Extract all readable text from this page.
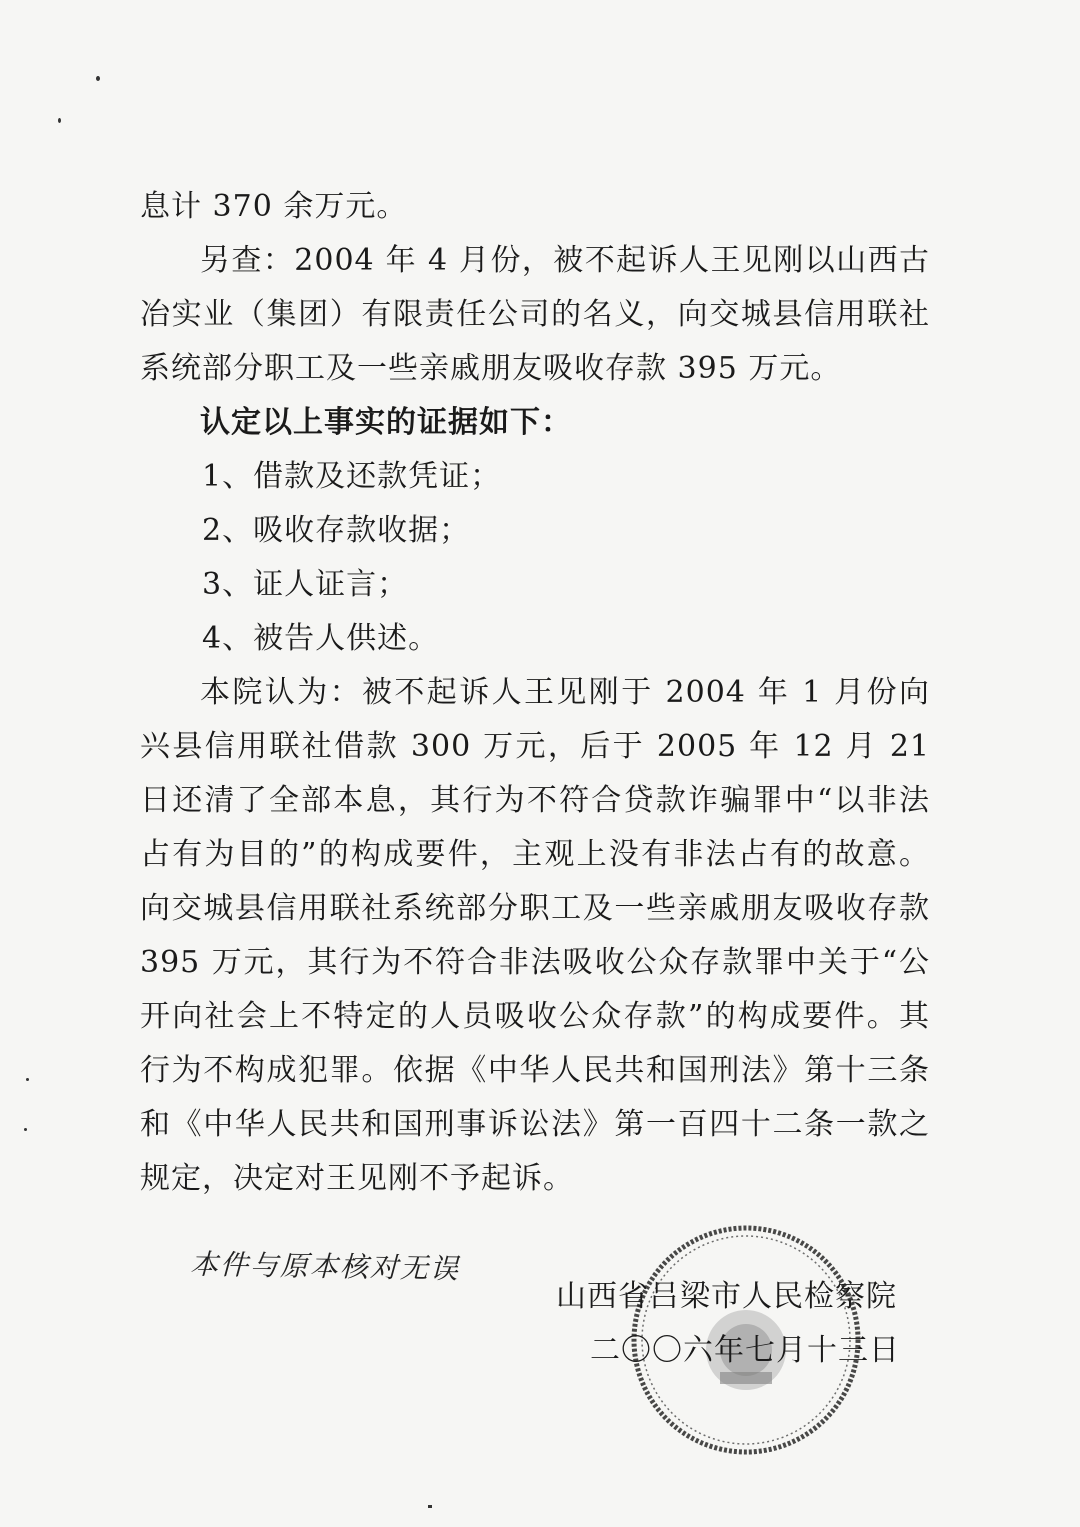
息计 370 余万元。

另查：2004 年 4 月份，被不起诉人王见刚以山西古冶实业（集团）有限责任公司的名义，向交城县信用联社系统部分职工及一些亲戚朋友吸收存款 395 万元。

认定以上事实的证据如下：

1、借款及还款凭证；

2、吸收存款收据；

3、证人证言；

4、被告人供述。

本院认为：被不起诉人王见刚于 2004 年 1 月份向兴县信用联社借款 300 万元，后于 2005 年 12 月 21 日还清了全部本息，其行为不符合贷款诈骗罪中“以非法占有为目的”的构成要件，主观上没有非法占有的故意。向交城县信用联社系统部分职工及一些亲戚朋友吸收存款 395 万元，其行为不符合非法吸收公众存款罪中关于“公开向社会上不特定的人员吸收公众存款”的构成要件。其行为不构成犯罪。依据《中华人民共和国刑法》第十三条和《中华人民共和国刑事诉讼法》第一百四十二条一款之规定，决定对王见刚不予起诉。

本件与原本核对无误
山西省吕梁市人民检察院
二〇〇六年七月十三日
